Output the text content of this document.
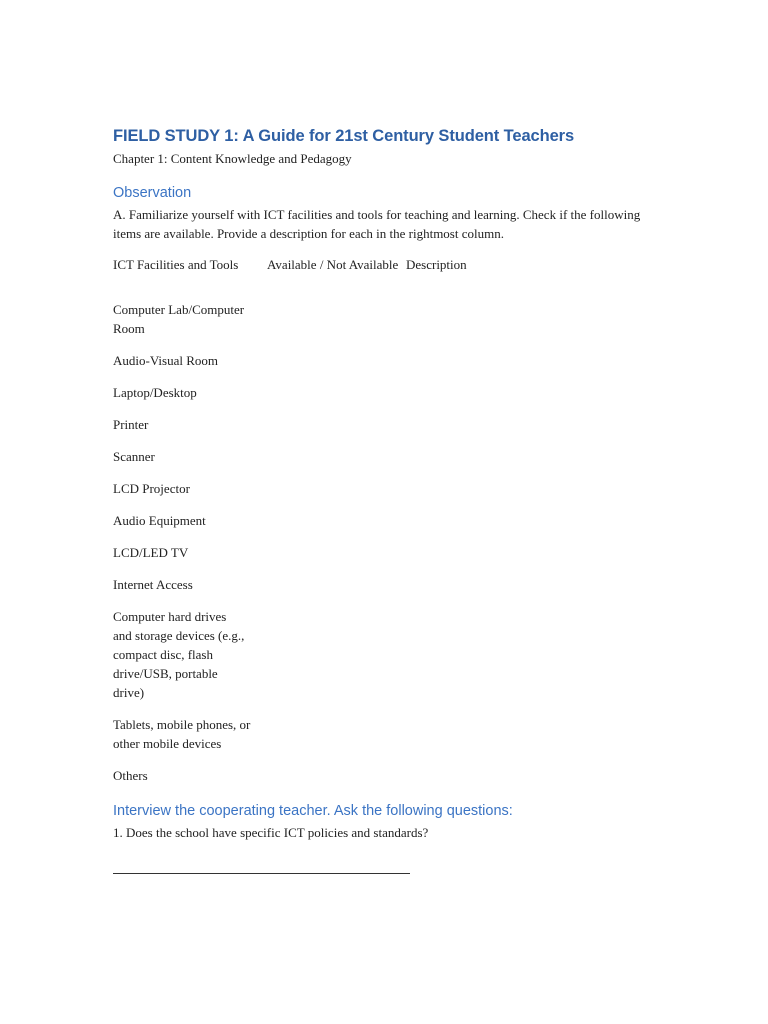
FIELD STUDY 1: A Guide for 21st Century Student Teachers
Chapter 1: Content Knowledge and Pedagogy
Observation
A. Familiarize yourself with ICT facilities and tools for teaching and learning. Check if the following items are available. Provide a description for each in the rightmost column.
ICT Facilities and Tools	Available / Not Available Description
Computer Lab/Computer Room
Audio-Visual Room
Laptop/Desktop
Printer
Scanner
LCD Projector
Audio Equipment
LCD/LED TV
Internet Access
Computer hard drives and storage devices (e.g., compact disc, flash drive/USB, portable drive)
Tablets, mobile phones, or other mobile devices
Others
Interview the cooperating teacher. Ask the following questions:
1. Does the school have specific ICT policies and standards?
